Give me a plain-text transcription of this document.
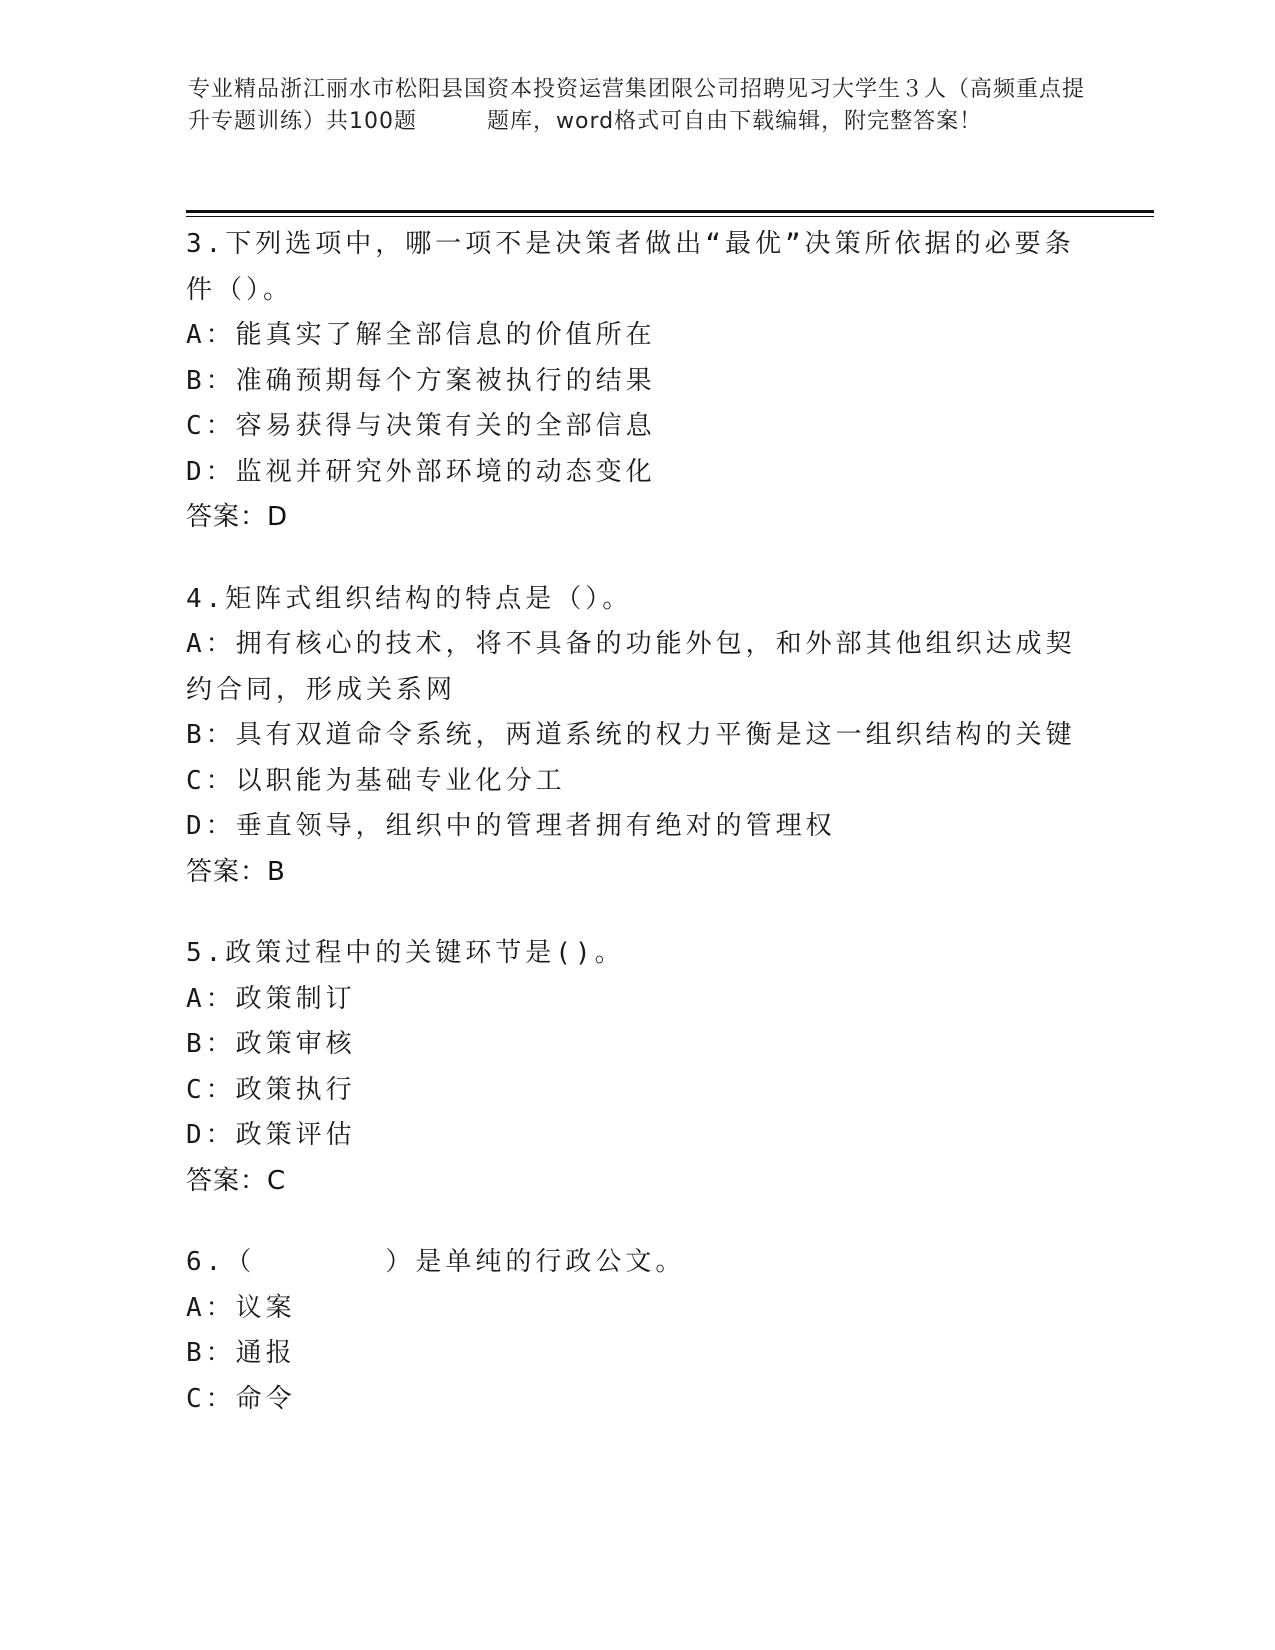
专业精品浙江丽水市松阳县国资本投资运营集团限公司招聘见习大学生３人（高频重点提升专题训练）共100题	题库，word格式可自由下载编辑，附完整答案！
3.下列选项中，哪一项不是决策者做出“最优”决策所依据的必要条件（）。
A：能真实了解全部信息的价值所在
B：准确预期每个方案被执行的结果
C：容易获得与决策有关的全部信息
D：监视并研究外部环境的动态变化
答案：D
4.矩阵式组织结构的特点是（）。
A：拥有核心的技术，将不具备的功能外包，和外部其他组织达成契约合同，形成关系网
B：具有双道命令系统，两道系统的权力平衡是这一组织结构的关键
C：以职能为基础专业化分工
D：垂直领导，组织中的管理者拥有绝对的管理权
答案：B
5.政策过程中的关键环节是()。
A：政策制订
B：政策审核
C：政策执行
D：政策评估
答案：C
6.（	）是单纯的行政公文。
A：议案
B：通报
C：命令
